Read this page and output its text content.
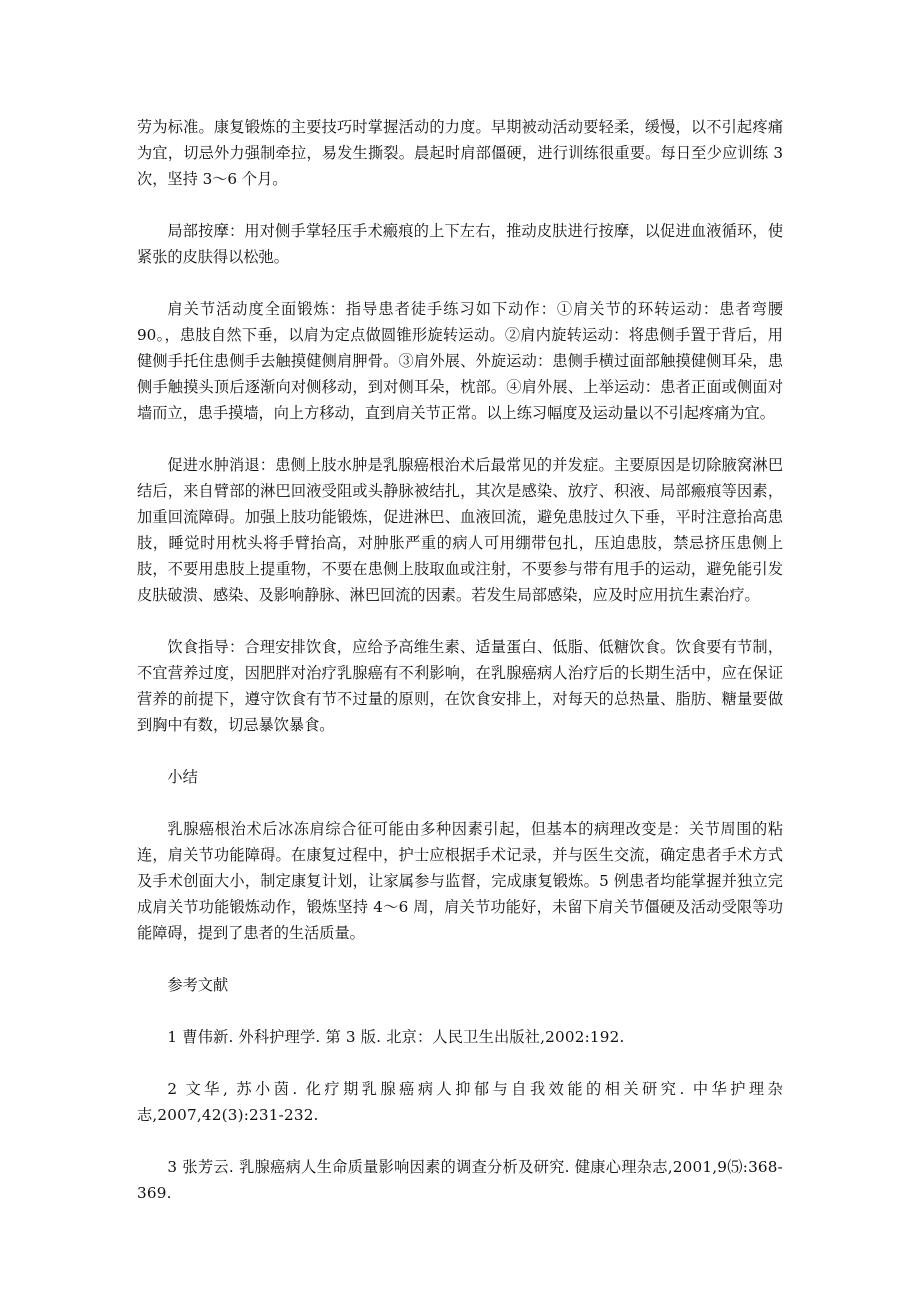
劳为标准。康复锻炼的主要技巧时掌握活动的力度。早期被动活动要轻柔，缓慢，以不引起疼痛为宜，切忌外力强制牵拉，易发生撕裂。晨起时肩部僵硬，进行训练很重要。每日至少应训练 3 次，坚持 3～6 个月。

局部按摩：用对侧手掌轻压手术瘢痕的上下左右，推动皮肤进行按摩，以促进血液循环，使紧张的皮肤得以松弛。

肩关节活动度全面锻炼：指导患者徒手练习如下动作：①肩关节的环转运动：患者弯腰 90。，患肢自然下垂，以肩为定点做圆锥形旋转运动。②肩内旋转运动：将患侧手置于背后，用健侧手托住患侧手去触摸健侧肩胛骨。③肩外展、外旋运动：患侧手横过面部触摸健侧耳朵，患侧手触摸头顶后逐渐向对侧移动，到对侧耳朵，枕部。④肩外展、上举运动：患者正面或侧面对墙而立，患手摸墙，向上方移动，直到肩关节正常。以上练习幅度及运动量以不引起疼痛为宜。

促进水肿消退：患侧上肢水肿是乳腺癌根治术后最常见的并发症。主要原因是切除腋窝淋巴结后，来自臂部的淋巴回液受阻或头静脉被结扎，其次是感染、放疗、积液、局部瘢痕等因素，加重回流障碍。加强上肢功能锻炼，促进淋巴、血液回流，避免患肢过久下垂，平时注意抬高患肢，睡觉时用枕头将手臂抬高，对肿胀严重的病人可用绷带包扎，压迫患肢，禁忌挤压患侧上肢，不要用患肢上提重物，不要在患侧上肢取血或注射，不要参与带有甩手的运动，避免能引发皮肤破溃、感染、及影响静脉、淋巴回流的因素。若发生局部感染，应及时应用抗生素治疗。

饮食指导：合理安排饮食，应给予高维生素、适量蛋白、低脂、低糖饮食。饮食要有节制，不宜营养过度，因肥胖对治疗乳腺癌有不利影响，在乳腺癌病人治疗后的长期生活中，应在保证营养的前提下，遵守饮食有节不过量的原则，在饮食安排上，对每天的总热量、脂肪、糖量要做到胸中有数，切忌暴饮暴食。

小结

乳腺癌根治术后冰冻肩综合征可能由多种因素引起，但基本的病理改变是：关节周围的粘连，肩关节功能障碍。在康复过程中，护士应根据手术记录，并与医生交流，确定患者手术方式及手术创面大小，制定康复计划，让家属参与监督，完成康复锻炼。5 例患者均能掌握并独立完成肩关节功能锻炼动作，锻炼坚持 4～6 周，肩关节功能好，未留下肩关节僵硬及活动受限等功能障碍，提到了患者的生活质量。

参考文献

1 曹伟新. 外科护理学. 第 3 版. 北京：人民卫生出版社,2002:192.

2 文华, 苏小茵. 化疗期乳腺癌病人抑郁与自我效能的相关研究. 中华护理杂志,2007,42(3):231-232.

3 张芳云. 乳腺癌病人生命质量影响因素的调查分析及研究. 健康心理杂志,2001,9⑸:368-369.
